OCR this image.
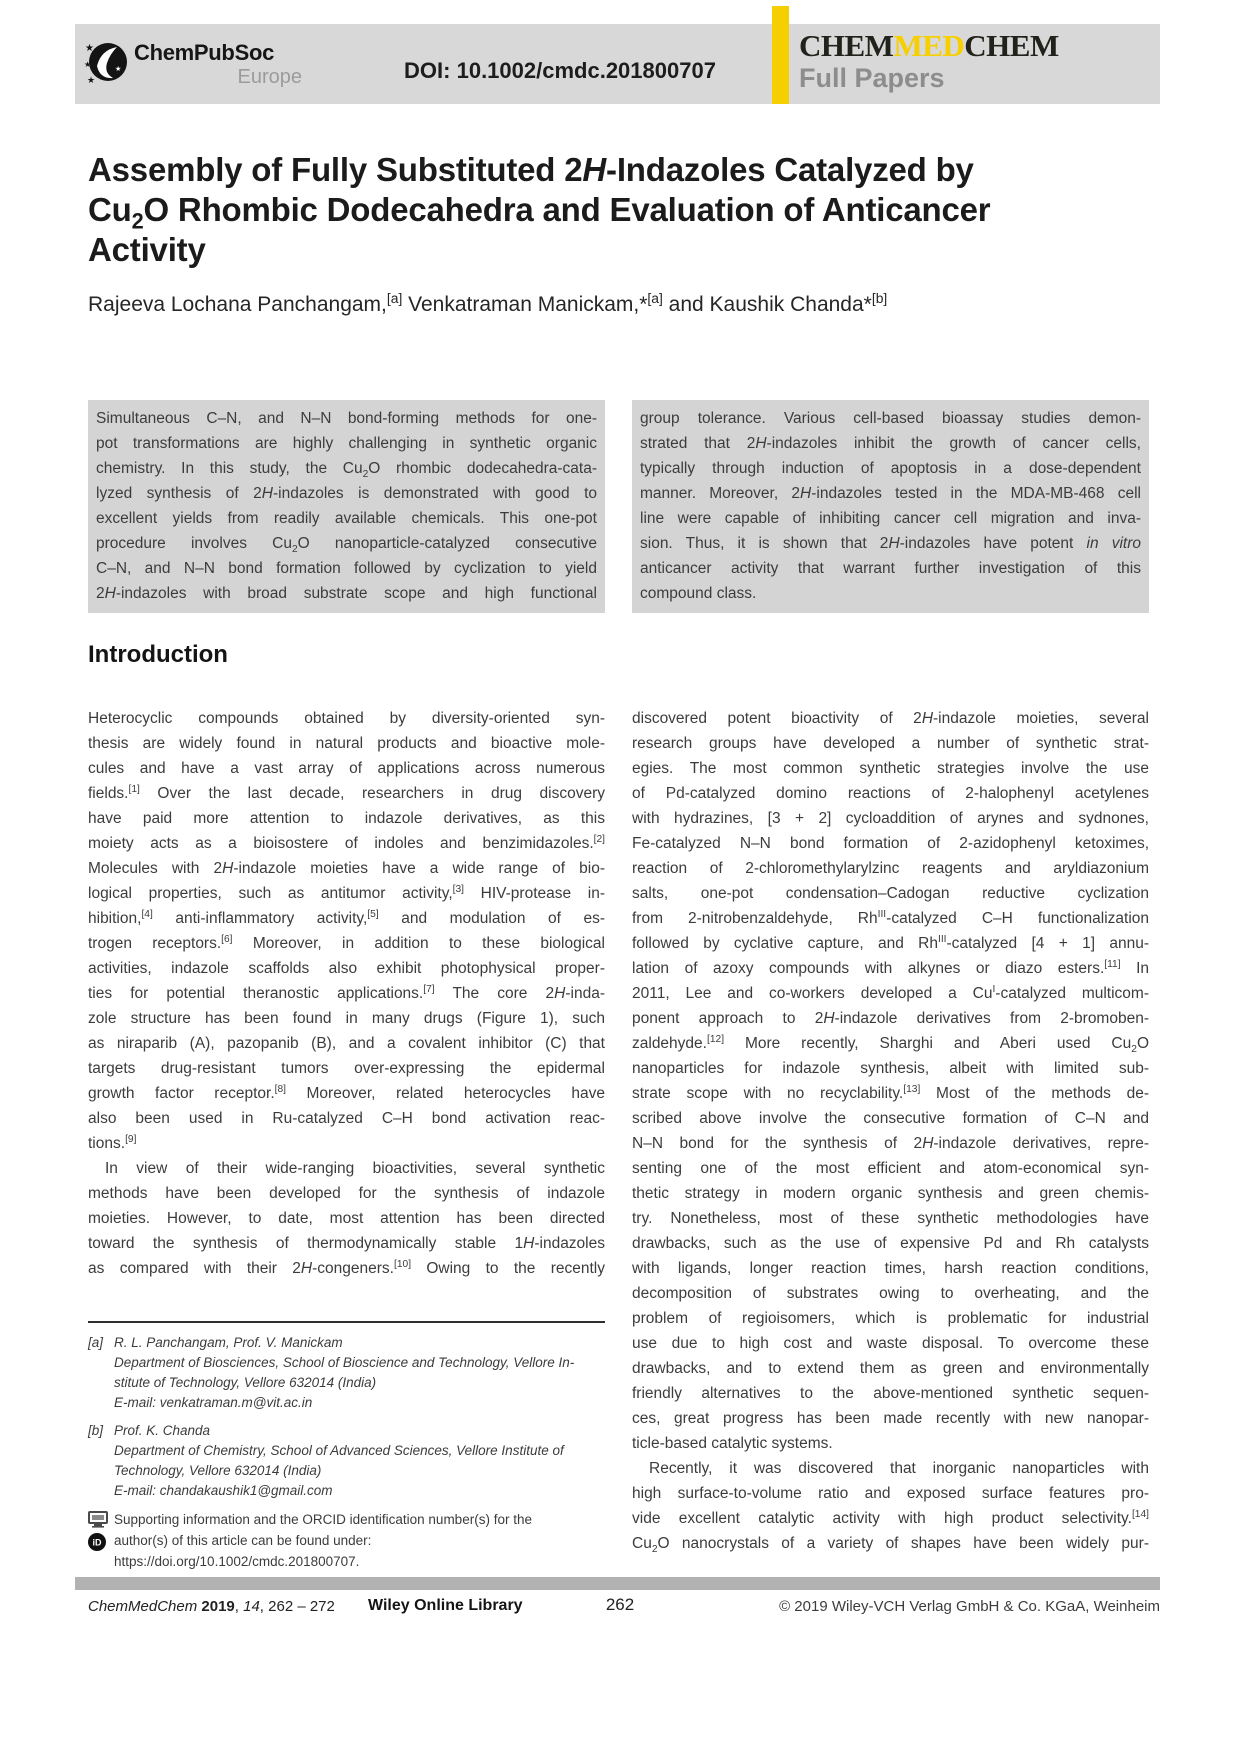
★
★
★
★
ChemPubSoc
Europe	DOI: 10.1002/cmdc.201800707
CHEMMEDCHEM
Full Papers
Assembly of Fully Substituted 2H-Indazoles Catalyzed by
$Cu_2O$ Rhombic Dodecahedra and Evaluation of Anticancer
Activity
Rajeeva Lochana Panchangam,[a] Venkatraman Manickam,*[a] and Kaushik Chanda*[b]
Simultaneous C–N, and N–N bond-forming methods for one-
pot transformations are highly challenging in synthetic organic
chemistry. In this study, the $Cu_2O$ rhombic dodecahedra-cata-
lyzed synthesis of 2H-indazoles is demonstrated with good to
excellent yields from readily available chemicals. This one-pot
procedure involves $Cu_2O$ nanoparticle-catalyzed consecutive
C–N, and N–N bond formation followed by cyclization to yield
2H-indazoles with broad substrate scope and high functional
group tolerance. Various cell-based bioassay studies demon-
strated that 2H-indazoles inhibit the growth of cancer cells,
typically through induction of apoptosis in a dose-dependent
manner. Moreover, 2H-indazoles tested in the MDA-MB-468 cell
line were capable of inhibiting cancer cell migration and inva-
sion. Thus, it is shown that 2H-indazoles have potent in vitro
anticancer activity that warrant further investigation of this
compound class.
Introduction
Heterocyclic compounds obtained by diversity-oriented syn-
thesis are widely found in natural products and bioactive mole-
cules and have a vast array of applications across numerous
fields.[1] Over the last decade, researchers in drug discovery
have paid more attention to indazole derivatives, as this
moiety acts as a bioisostere of indoles and benzimidazoles.[2]
Molecules with 2H-indazole moieties have a wide range of bio-
logical properties, such as antitumor activity,[3] HIV-protease in-
hibition,[4] anti-inflammatory activity,[5] and modulation of es-
trogen receptors.[6] Moreover, in addition to these biological
activities, indazole scaffolds also exhibit photophysical proper-
ties for potential theranostic applications.[7] The core 2H-inda-
zole structure has been found in many drugs (Figure 1), such
as niraparib (A), pazopanib (B), and a covalent inhibitor (C) that
targets drug-resistant tumors over-expressing the epidermal
growth factor receptor.[8] Moreover, related heterocycles have
also been used in Ru-catalyzed C–H bond activation reac-
tions.[9]
In view of their wide-ranging bioactivities, several synthetic
methods have been developed for the synthesis of indazole
moieties. However, to date, most attention has been directed
toward the synthesis of thermodynamically stable 1H-indazoles
as compared with their 2H-congeners.[10] Owing to the recently
discovered potent bioactivity of 2H-indazole moieties, several
research groups have developed a number of synthetic strat-
egies. The most common synthetic strategies involve the use
of Pd-catalyzed domino reactions of 2-halophenyl acetylenes
with hydrazines, [3 + 2] cycloaddition of arynes and sydnones,
Fe-catalyzed N–N bond formation of 2-azidophenyl ketoximes,
reaction of 2-chloromethylarylzinc reagents and aryldiazonium
salts, one-pot condensation–Cadogan reductive cyclization
from 2-nitrobenzaldehyde, $Rh^{III}$-catalyzed C–H functionalization
followed by cyclative capture, and $Rh^{III}$-catalyzed [4 + 1] annu-
lation of azoxy compounds with alkynes or diazo esters.[11] In
2011, Lee and co-workers developed a $Cu^I$-catalyzed multicom-
ponent approach to 2H-indazole derivatives from 2-bromoben-
zaldehyde.[12] More recently, Sharghi and Aberi used $Cu_2O$
nanoparticles for indazole synthesis, albeit with limited sub-
strate scope with no recyclability.[13] Most of the methods de-
scribed above involve the consecutive formation of C–N and
N–N bond for the synthesis of 2H-indazole derivatives, repre-
senting one of the most efficient and atom-economical syn-
thetic strategy in modern organic synthesis and green chemis-
try. Nonetheless, most of these synthetic methodologies have
drawbacks, such as the use of expensive Pd and Rh catalysts
with ligands, longer reaction times, harsh reaction conditions,
decomposition of substrates owing to overheating, and the
problem of regioisomers, which is problematic for industrial
use due to high cost and waste disposal. To overcome these
drawbacks, and to extend them as green and environmentally
friendly alternatives to the above-mentioned synthetic sequen-
ces, great progress has been made recently with new nanopar-
ticle-based catalytic systems.
Recently, it was discovered that inorganic nanoparticles with
high surface-to-volume ratio and exposed surface features pro-
vide excellent catalytic activity with high product selectivity.[14]
$Cu_2O$ nanocrystals of a variety of shapes have been widely pur-
[a] R. L. Panchangam, Prof. V. Manickam
Department of Biosciences, School of Bioscience and Technology, Vellore In-
stitute of Technology, Vellore 632014 (India)
E-mail: venkatraman.m@vit.ac.in
[b] Prof. K. Chanda
Department of Chemistry, School of Advanced Sciences, Vellore Institute of
Technology, Vellore 632014 (India)
E-mail: chandakaushik1@gmail.com
iD
Supporting information and the ORCID identification number(s) for the
author(s) of this article can be found under:
https://doi.org/10.1002/cmdc.201800707.
ChemMedChem 2019, 14, 262 – 272 Wiley Online Library	262	© 2019 Wiley-VCH Verlag GmbH & Co. KGaA, Weinheim
